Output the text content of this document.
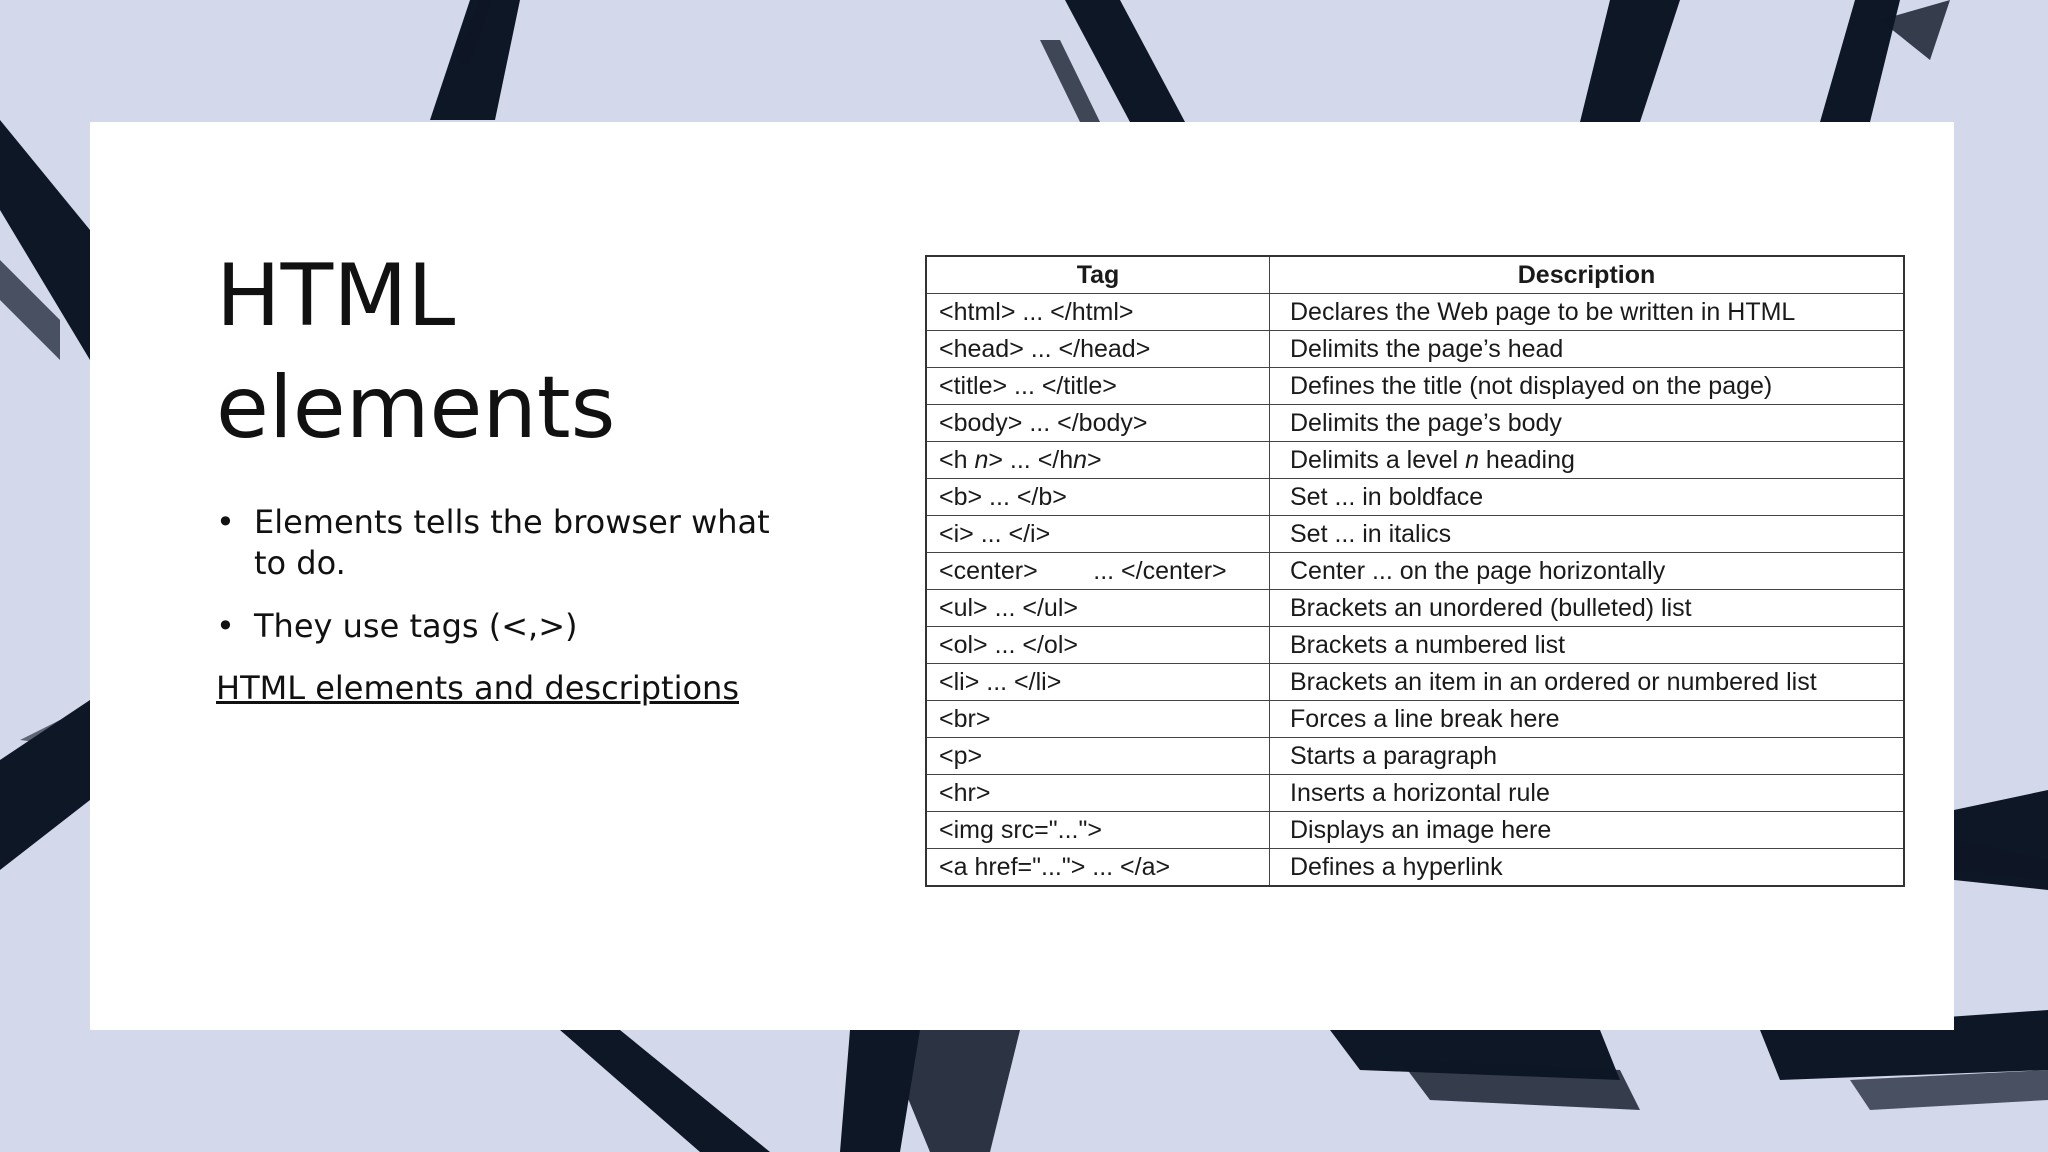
HTML elements
• Elements tells the browser what to do.
• They use tags (<,>)
HTML elements and descriptions
Tag	Description
<html> ... </html>	Declares the Web page to be written in HTML
<head> ... </head>	Delimits the page’s head
<title> ... </title>	Defines the title (not displayed on the page)
<body> ... </body>	Delimits the page’s body
<h n> ... </hn>	Delimits a level n heading
<b> ... </b>	Set ... in boldface
<i> ... </i>	Set ... in italics
<center>        ... </center>	Center ... on the page horizontally
<ul> ... </ul>	Brackets an unordered (bulleted) list
<ol> ... </ol>	Brackets a numbered list
<li> ... </li>	Brackets an item in an ordered or numbered list
<br>	Forces a line break here
<p>	Starts a paragraph
<hr>	Inserts a horizontal rule
<img src="...">	Displays an image here
<a href="..."> ... </a>	Defines a hyperlink
